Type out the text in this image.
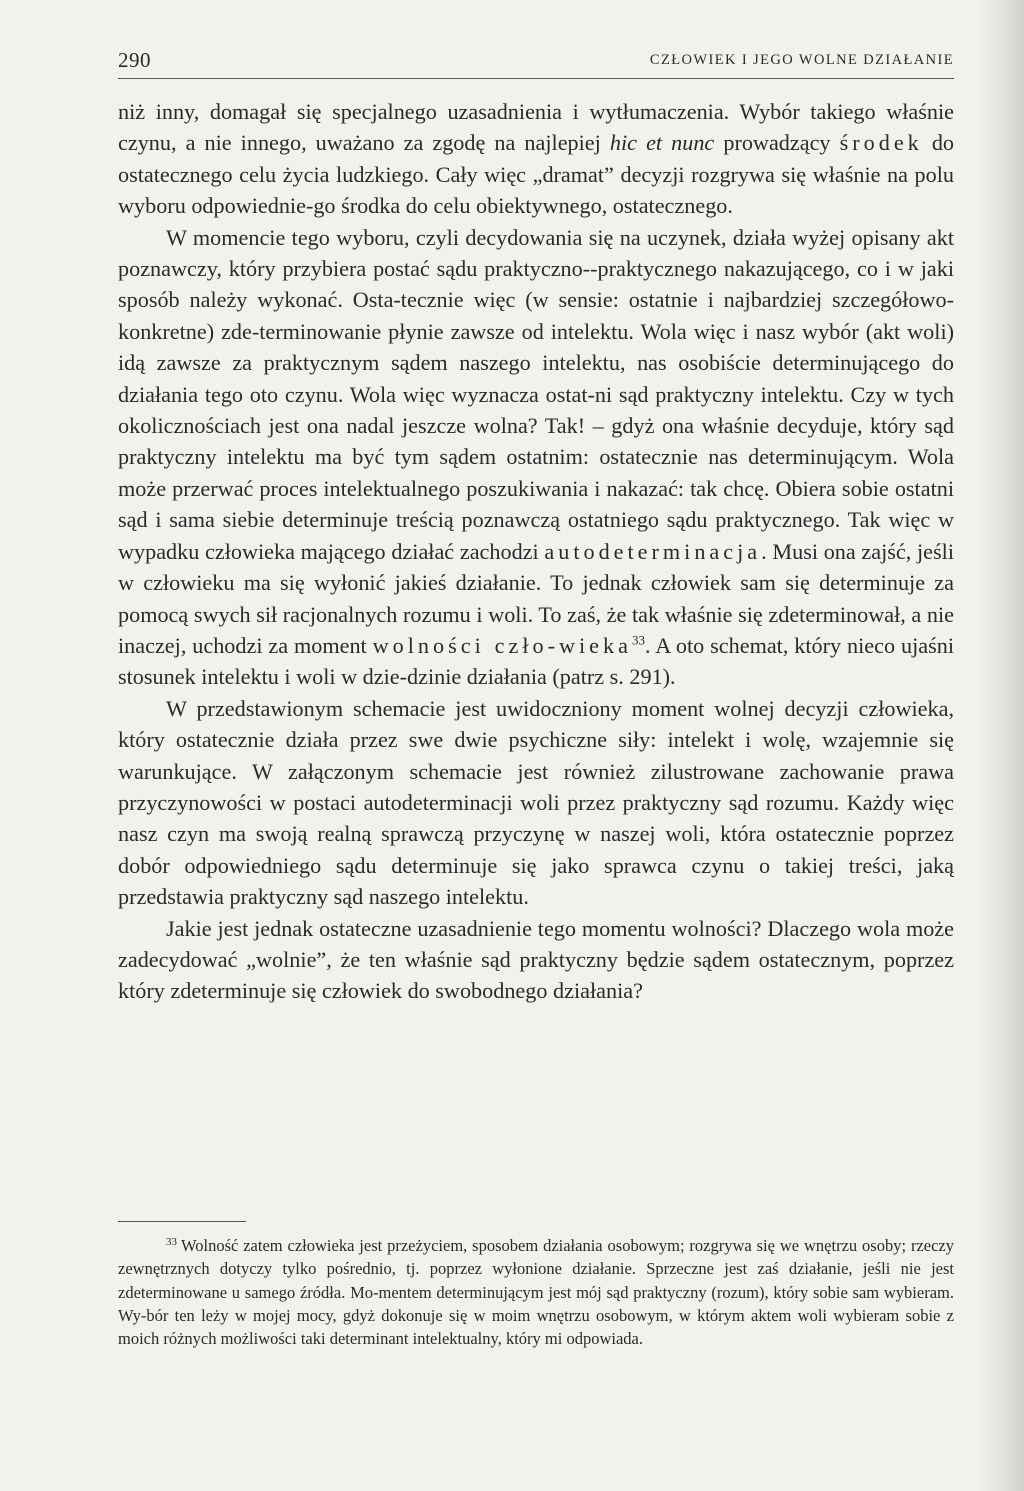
290	CZŁOWIEK I JEGO WOLNE DZIAŁANIE

niż inny, domagał się specjalnego uzasadnienia i wytłumaczenia. Wybór takiego właśnie czynu, a nie innego, uważano za zgodę na najlepiej hic et nunc prowadzący środek do ostatecznego celu życia ludzkiego. Cały więc „dramat” decyzji rozgrywa się właśnie na polu wyboru odpowiednie-go środka do celu obiektywnego, ostatecznego.

W momencie tego wyboru, czyli decydowania się na uczynek, działa wyżej opisany akt poznawczy, który przybiera postać sądu praktyczno--praktycznego nakazującego, co i w jaki sposób należy wykonać. Osta-tecznie więc (w sensie: ostatnie i najbardziej szczegółowo-konkretne) zde-terminowanie płynie zawsze od intelektu. Wola więc i nasz wybór (akt woli) idą zawsze za praktycznym sądem naszego intelektu, nas osobiście determinującego do działania tego oto czynu. Wola więc wyznacza ostat-ni sąd praktyczny intelektu. Czy w tych okolicznościach jest ona nadal jeszcze wolna? Tak! – gdyż ona właśnie decyduje, który sąd praktyczny intelektu ma być tym sądem ostatnim: ostatecznie nas determinującym. Wola może przerwać proces intelektualnego poszukiwania i nakazać: tak chcę. Obiera sobie ostatni sąd i sama siebie determinuje treścią poznawczą ostatniego sądu praktycznego. Tak więc w wypadku człowieka mającego działać zachodzi autodeterminacja. Musi ona zajść, jeśli w człowieku ma się wyłonić jakieś działanie. To jednak człowiek sam się determinuje za pomocą swych sił racjonalnych rozumu i woli. To zaś, że tak właśnie się zdeterminował, a nie inaczej, uchodzi za moment wolności czło-wieka$^{33}$. A oto schemat, który nieco ujaśni stosunek intelektu i woli w dzie-dzinie działania (patrz s. 291).

W przedstawionym schemacie jest uwidoczniony moment wolnej decyzji człowieka, który ostatecznie działa przez swe dwie psychiczne siły: intelekt i wolę, wzajemnie się warunkujące. W załączonym schemacie jest również zilustrowane zachowanie prawa przyczynowości w postaci autodeterminacji woli przez praktyczny sąd rozumu. Każdy więc nasz czyn ma swoją realną sprawczą przyczynę w naszej woli, która ostatecznie poprzez dobór odpowiedniego sądu determinuje się jako sprawca czynu o takiej treści, jaką przedstawia praktyczny sąd naszego intelektu.

Jakie jest jednak ostateczne uzasadnienie tego momentu wolności? Dlaczego wola może zadecydować „wolnie”, że ten właśnie sąd praktyczny będzie sądem ostatecznym, poprzez który zdeterminuje się człowiek do swobodnego działania?

$^{33}$ Wolność zatem człowieka jest przeżyciem, sposobem działania osobowym; rozgrywa się we wnętrzu osoby; rzeczy zewnętrznych dotyczy tylko pośrednio, tj. poprzez wyłonione działanie. Sprzeczne jest zaś działanie, jeśli nie jest zdeterminowane u samego źródła. Mo-mentem determinującym jest mój sąd praktyczny (rozum), który sobie sam wybieram. Wy-bór ten leży w mojej mocy, gdyż dokonuje się w moim wnętrzu osobowym, w którym aktem woli wybieram sobie z moich różnych możliwości taki determinant intelektualny, który mi odpowiada.
